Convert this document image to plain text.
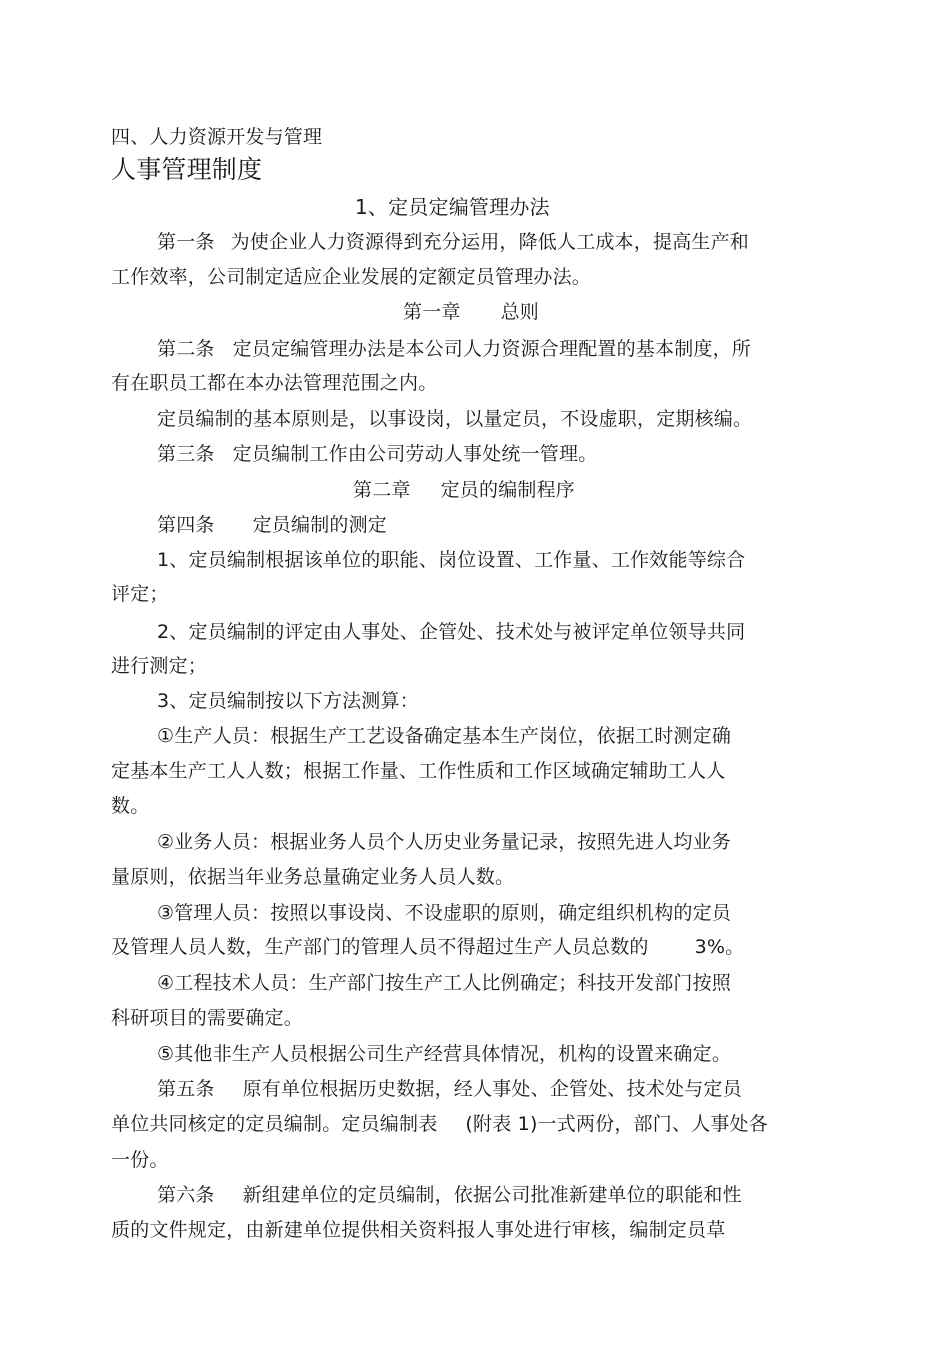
四、人力资源开发与管理
人事管理制度
1、定员定编管理办法
第一条 为使企业人力资源得到充分运用，降低人工成本，提高生产和
工作效率，公司制定适应企业发展的定额定员管理办法。
第一章 总则
第二条 定员定编管理办法是本公司人力资源合理配置的基本制度，所
有在职员工都在本办法管理范围之内。
定员编制的基本原则是，以事设岗，以量定员，不设虚职，定期核编。
第三条 定员编制工作由公司劳动人事处统一管理。
第二章 定员的编制程序
第四条 定员编制的测定
1、定员编制根据该单位的职能、岗位设置、工作量、工作效能等综合
评定；
2、定员编制的评定由人事处、企管处、技术处与被评定单位领导共同
进行测定；
3、定员编制按以下方法测算：
①生产人员：根据生产工艺设备确定基本生产岗位，依据工时测定确
定基本生产工人人数；根据工作量、工作性质和工作区域确定辅助工人人
数。
②业务人员：根据业务人员个人历史业务量记录，按照先进人均业务
量原则，依据当年业务总量确定业务人员人数。
③管理人员：按照以事设岗、不设虚职的原则，确定组织机构的定员
及管理人员人数，生产部门的管理人员不得超过生产人员总数的 3%。
④工程技术人员：生产部门按生产工人比例确定；科技开发部门按照
科研项目的需要确定。
⑤其他非生产人员根据公司生产经营具体情况，机构的设置来确定。
第五条 原有单位根据历史数据，经人事处、企管处、技术处与定员
单位共同核定的定员编制。定员编制表 (附表 1)一式两份，部门、人事处各
一份。
第六条 新组建单位的定员编制，依据公司批准新建单位的职能和性
质的文件规定，由新建单位提供相关资料报人事处进行审核，编制定员草
